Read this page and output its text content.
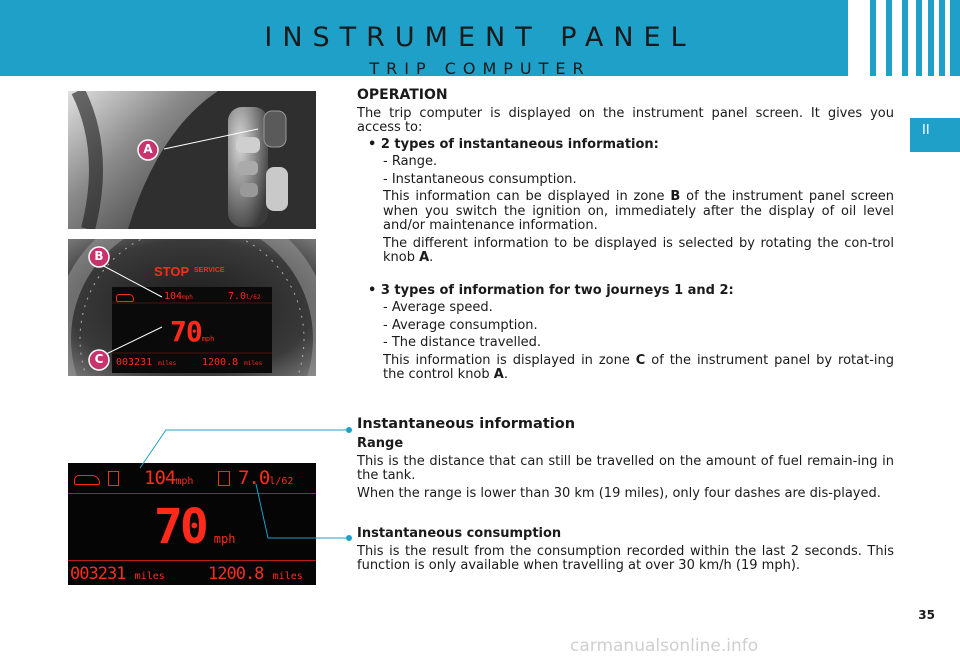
INSTRUMENT PANEL
TRIP COMPUTER
II
A
STOP SERVICE
104mph	7.0l/62
70mph
003231 miles	1200.8 miles
B
C
104mph 7.0l/62
70 mph
003231 miles	1200.8 miles
OPERATION
The trip computer is displayed on the instrument panel screen. It gives you access to:
• 2 types of instantaneous information:
- Range.
- Instantaneous consumption.
This information can be displayed in zone B of the instrument panel screen when you switch the ignition on, immediately after the display of oil level and/or maintenance information.
The different information to be displayed is selected by rotating the con-trol knob A.
• 3 types of information for two journeys 1 and 2:
- Average speed.
- Average consumption.
- The distance travelled.
This information is displayed in zone C of the instrument panel by rotat-ing the control knob A.
Instantaneous information
Range
This is the distance that can still be travelled on the amount of fuel remain-ing in the tank.
When the range is lower than 30 km (19 miles), only four dashes are dis-played.
Instantaneous consumption
This is the result from the consumption recorded within the last 2 seconds. This function is only available when travelling at over 30 km/h (19 mph).
35
carmanualsonline.info
